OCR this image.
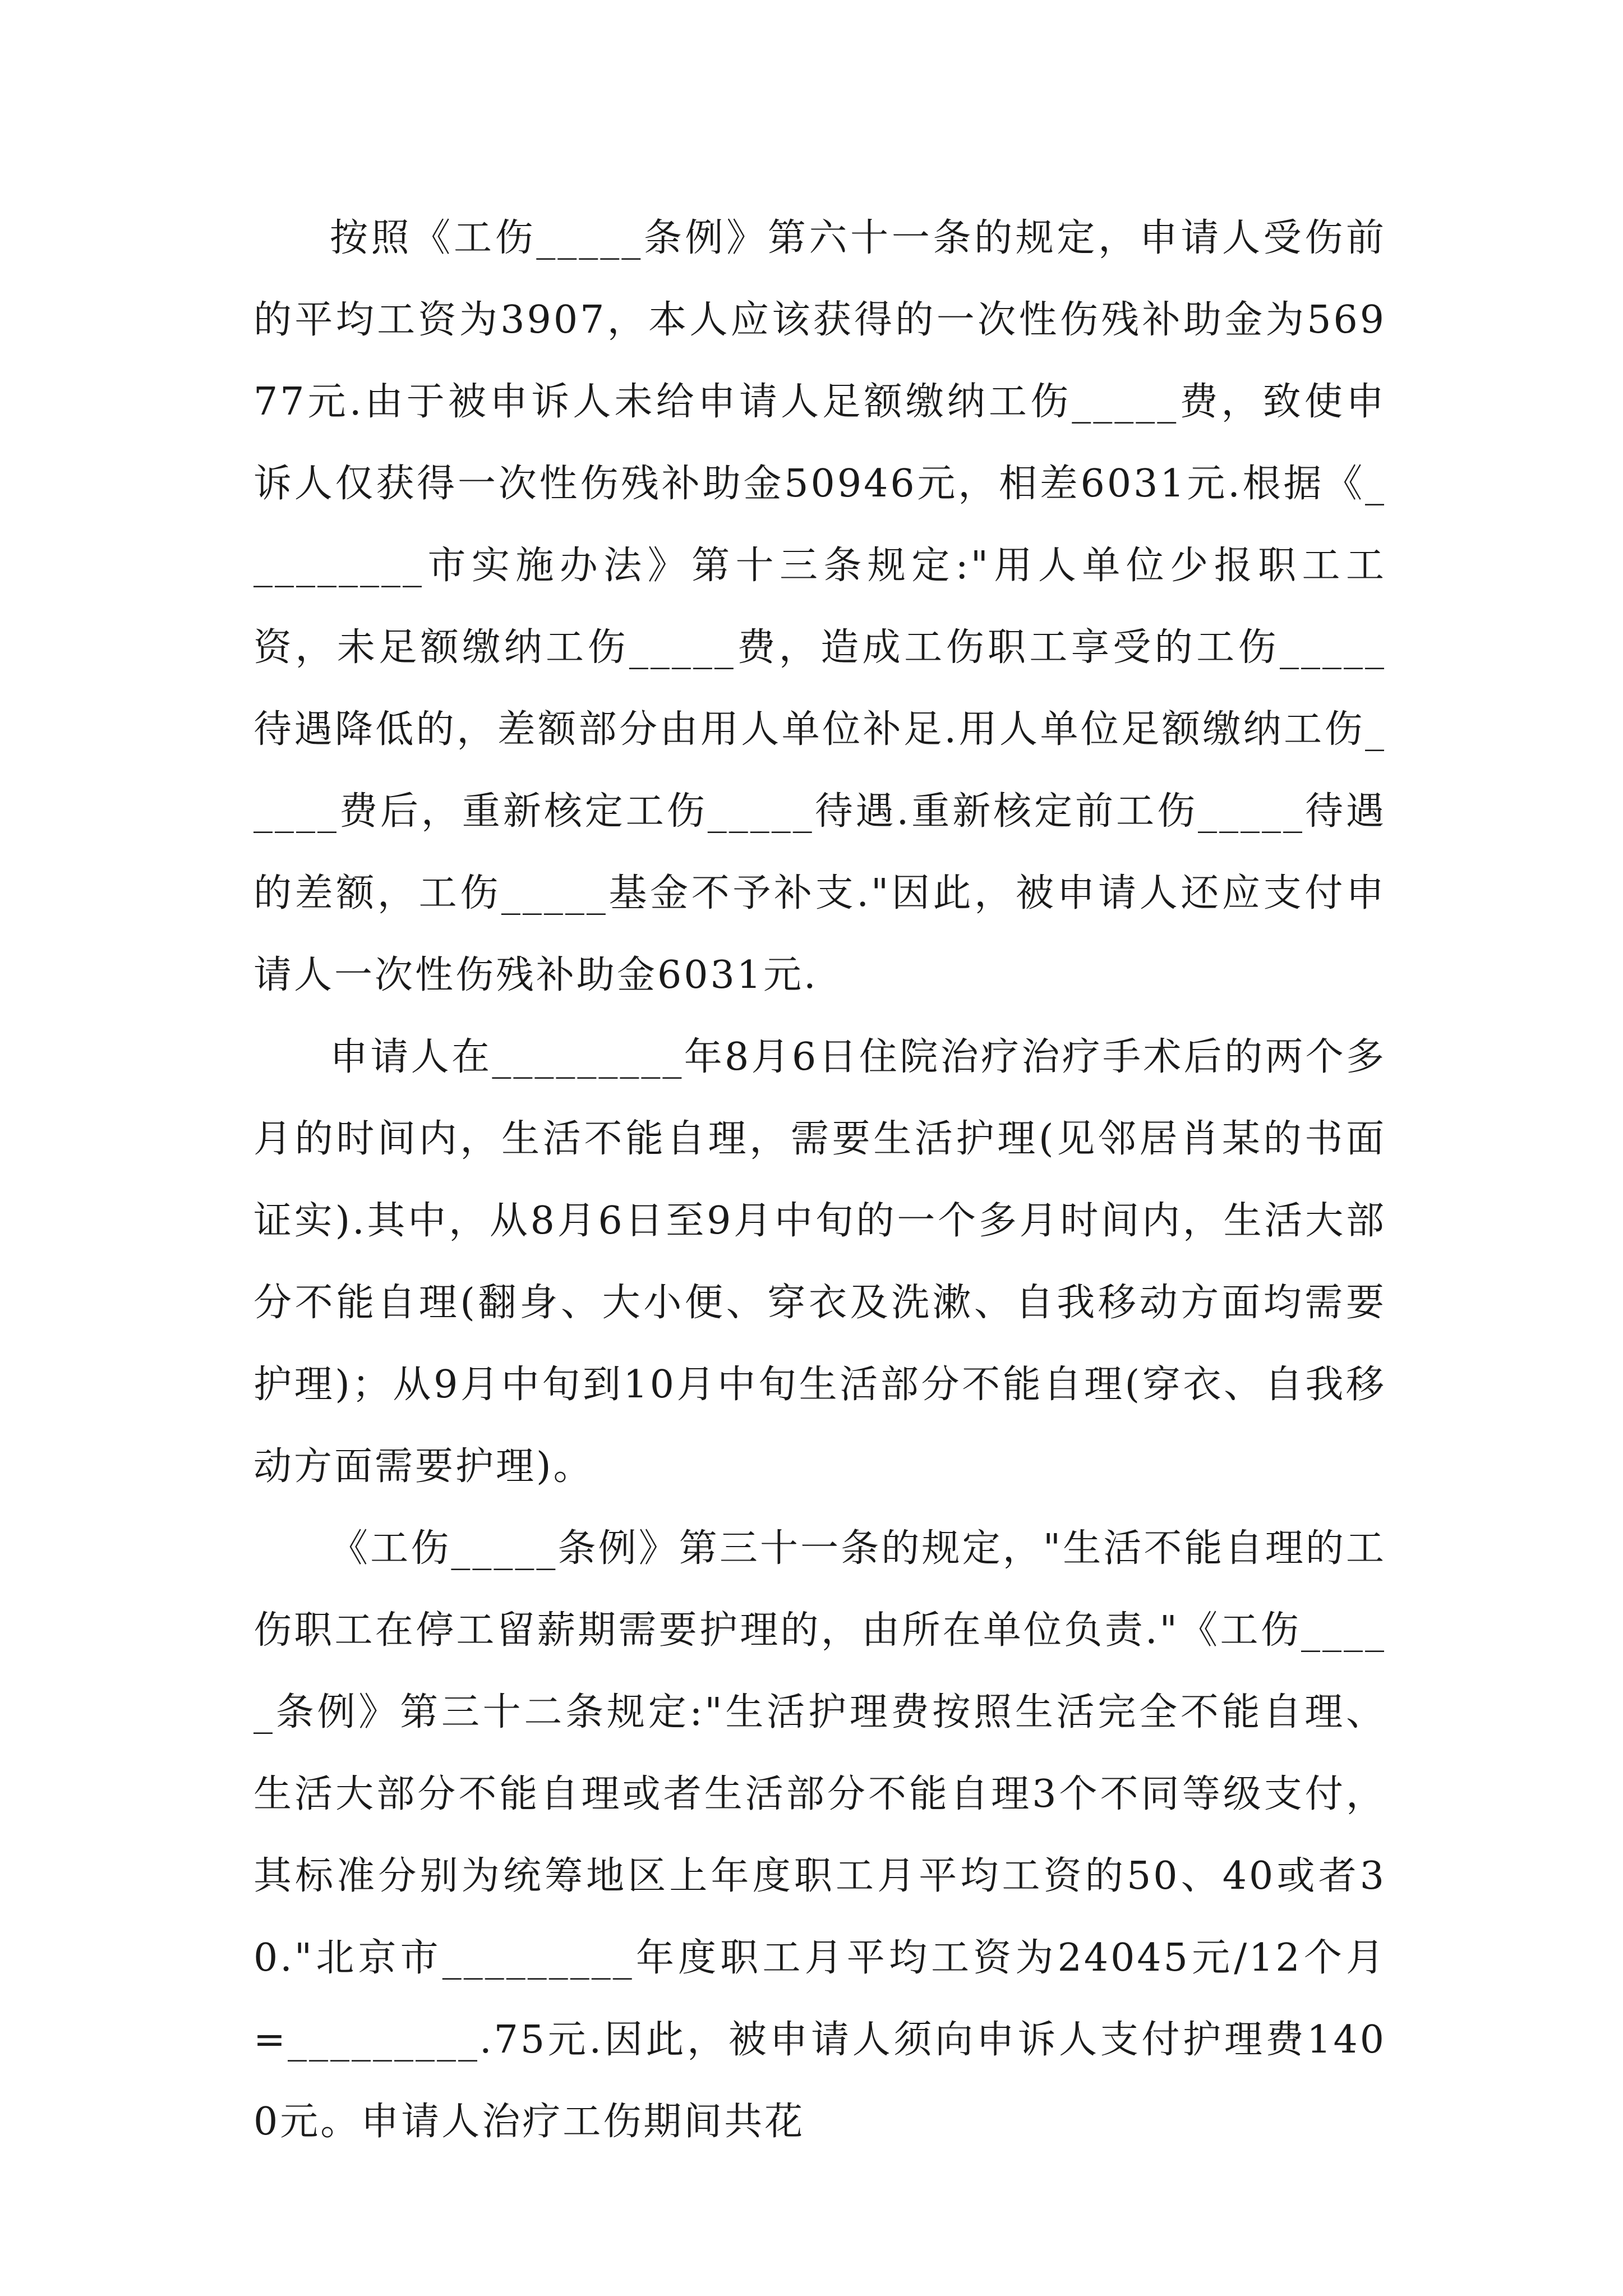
按照《工伤_____条例》第六十一条的规定，申请人受伤前的平均工资为3907，本人应该获得的一次性伤残补助金为56977元.由于被申诉人未给申请人足额缴纳工伤_____费，致使申诉人仅获得一次性伤残补助金50946元，相差6031元.根据《_________市实施办法》第十三条规定:"用人单位少报职工工资，未足额缴纳工伤_____费，造成工伤职工享受的工伤_____待遇降低的，差额部分由用人单位补足.用人单位足额缴纳工伤_____费后，重新核定工伤_____待遇.重新核定前工伤_____待遇的差额，工伤_____基金不予补支."因此，被申请人还应支付申请人一次性伤残补助金6031元.

申请人在_________年8月6日住院治疗治疗手术后的两个多月的时间内，生活不能自理，需要生活护理(见邻居肖某的书面证实).其中，从8月6日至9月中旬的一个多月时间内，生活大部分不能自理(翻身、大小便、穿衣及洗漱、自我移动方面均需要护理)；从9月中旬到10月中旬生活部分不能自理(穿衣、自我移动方面需要护理)。

《工伤_____条例》第三十一条的规定，"生活不能自理的工伤职工在停工留薪期需要护理的，由所在单位负责."《工伤_____条例》第三十二条规定:"生活护理费按照生活完全不能自理、生活大部分不能自理或者生活部分不能自理3个不同等级支付，其标准分别为统筹地区上年度职工月平均工资的50、40或者30."北京市_________年度职工月平均工资为24045元/12个月=_________.75元.因此，被申请人须向申诉人支付护理费1400元。申请人治疗工伤期间共花
